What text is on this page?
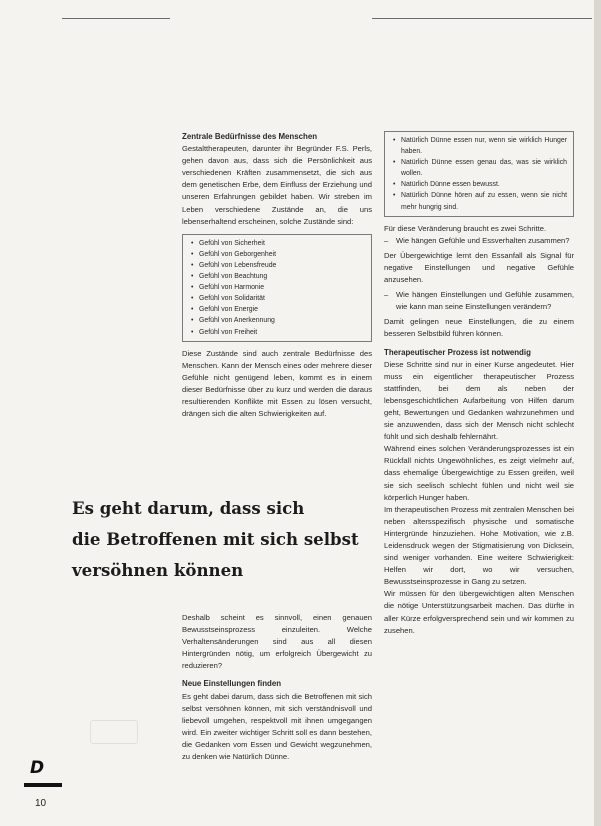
Zentrale Bedürfnisse des Menschen

Gestalttherapeuten, darunter ihr Begründer F.S. Perls, gehen davon aus, dass sich die Persönlichkeit aus verschiedenen Kräften zusammensetzt, die sich aus dem genetischen Erbe, dem Einfluss der Erziehung und unseren Erfahrungen gebildet haben. Wir streben im Leben verschiedene Zustände an, die uns lebenserhaltend erscheinen, solche Zustände sind:

• Gefühl von Sicherheit
• Gefühl von Geborgenheit
• Gefühl von Lebensfreude
• Gefühl von Beachtung
• Gefühl von Harmonie
• Gefühl von Solidarität
• Gefühl von Energie
• Gefühl von Anerkennung
• Gefühl von Freiheit

Diese Zustände sind auch zentrale Bedürfnisse des Menschen. Kann der Mensch eines oder mehrere dieser Gefühle nicht genügend leben, kommt es in einem dieser Bedürfnisse über zu kurz und werden die daraus resultierenden Konflikte mit Essen zu lösen versucht, drängen sich die alten Schwierigkeiten auf.

Es geht darum, dass sich
die Betroffenen mit sich selbst
versöhnen können

Deshalb scheint es sinnvoll, einen genauen Bewusstseinsprozess einzuleiten. Welche Verhaltensänderungen sind aus all diesen Hintergründen nötig, um erfolgreich Übergewicht zu reduzieren?

Neue Einstellungen finden

Es geht dabei darum, dass sich die Betroffenen mit sich selbst versöhnen können, mit sich verständnisvoll und liebevoll umgehen, respektvoll mit ihnen umgegangen wird. Ein zweiter wichtiger Schritt soll es dann bestehen, die Gedanken vom Essen und Gewicht wegzunehmen, zu denken wie Natürlich Dünne.

• Natürlich Dünne essen nur, wenn sie wirklich Hunger haben.
• Natürlich Dünne essen genau das, was sie wirklich wollen.
• Natürlich Dünne essen bewusst.
• Natürlich Dünne hören auf zu essen, wenn sie nicht mehr hungrig sind.

Für diese Veränderung braucht es zwei Schritte.

– Wie hängen Gefühle und Essverhalten zusammen?

Der Übergewichtige lernt den Essanfall als Signal für negative Einstellungen und negative Gefühle anzusehen.

– Wie hängen Einstellungen und Gefühle zusammen, wie kann man seine Einstellungen verändern?

Damit gelingen neue Einstellungen, die zu einem besseren Selbstbild führen können.

Therapeutischer Prozess ist notwendig

Diese Schritte sind nur in einer Kurse angedeutet. Hier muss ein eigentlicher therapeutischer Prozess stattfinden, bei dem als neben der lebensgeschichtlichen Aufarbeitung von Hilfen darum geht, Bewertungen und Gedanken wahrzunehmen und sie anzuwenden, dass sich der Mensch nicht schlecht fühlt und sich deshalb fehlernährt.

Während eines solchen Veränderungsprozesses ist ein Rückfall nichts Ungewöhnliches, es zeigt vielmehr auf, dass ehemalige Übergewichtige zu Essen greifen, weil sie sich seelisch schlecht fühlen und nicht weil sie körperlich Hunger haben.

Im therapeutischen Prozess mit zentralen Menschen bei neben altersspezifisch physische und somatische Hintergründe hinzuziehen. Hohe Motivation, wie z.B. Leidensdruck wegen der Stigmatisierung von Dicksein, sind weniger vorhanden. Eine weitere Schwierigkeit: Helfen wir dort, wo wir versuchen, Bewusstseinsprozesse in Gang zu setzen.

Wir müssen für den übergewichtigen alten Menschen die nötige Unterstützungsarbeit machen. Das dürfte in aller Kürze erfolgversprechend sein und wir kommen zu zusehen.

D
10
